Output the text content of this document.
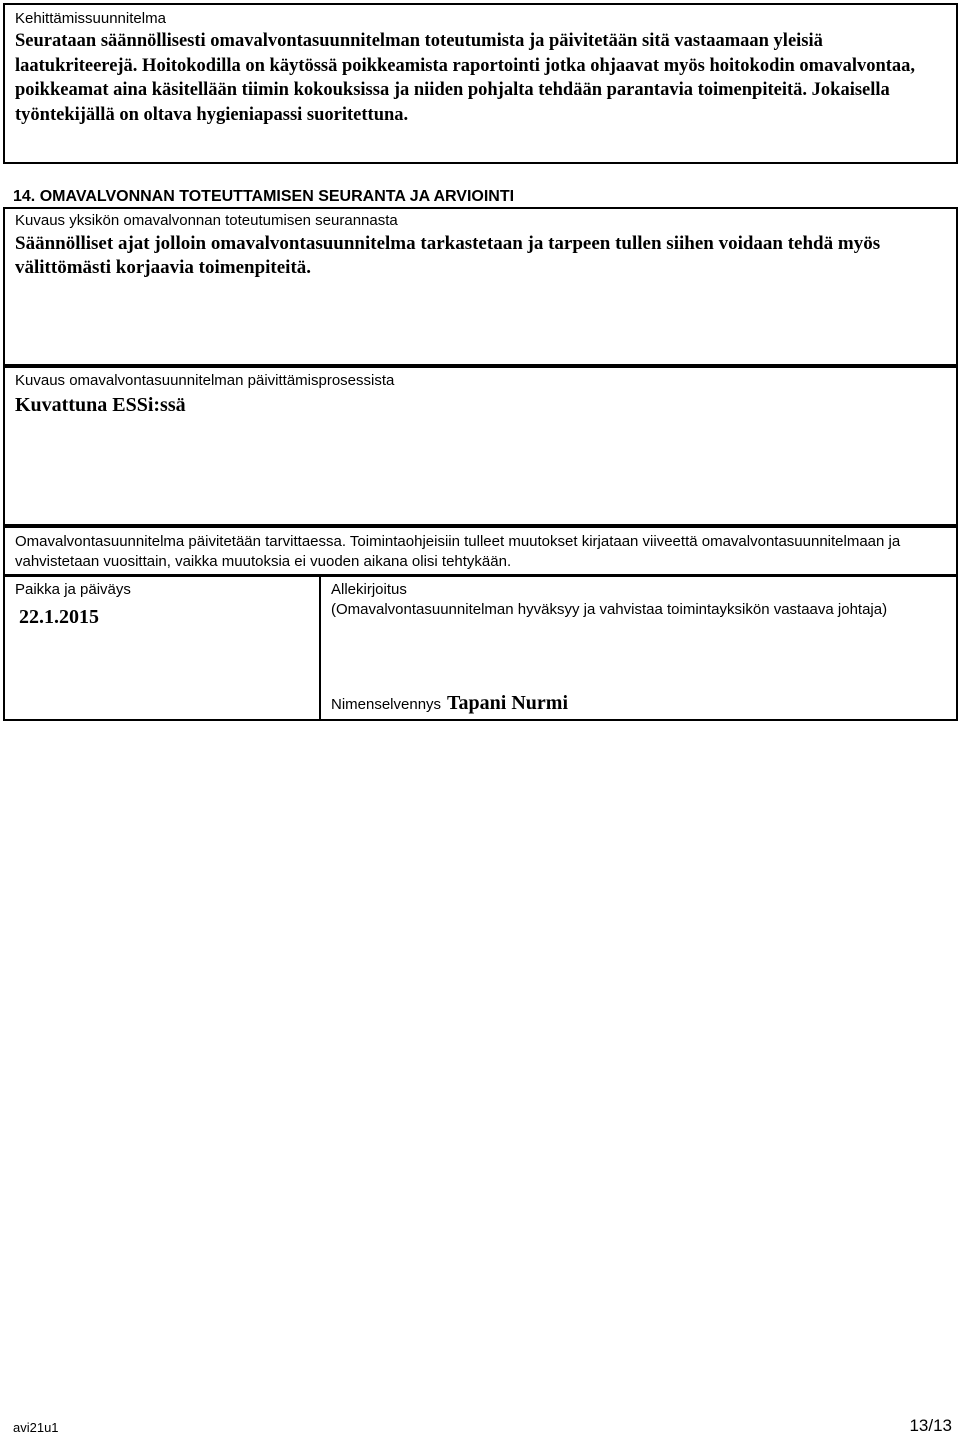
Kehittämissuunnitelma
Seurataan säännöllisesti omavalvontasuunnitelman toteutumista ja päivitetään sitä vastaamaan yleisiä laatukriteerejä. Hoitokodilla on käytössä poikkeamista raportointi jotka ohjaavat myös hoitokodin omavalvontaa, poikkeamat aina käsitellään tiimin kokouksissa ja niiden pohjalta tehdään parantavia toimenpiteitä. Jokaisella työntekijällä on oltava hygieniapassi suoritettuna.
14. OMAVALVONNAN TOTEUTTAMISEN SEURANTA JA ARVIOINTI
Kuvaus yksikön omavalvonnan toteutumisen seurannasta
Säännölliset ajat jolloin omavalvontasuunnitelma tarkastetaan ja tarpeen tullen siihen voidaan tehdä myös välittömästi korjaavia toimenpiteitä.
Kuvaus omavalvontasuunnitelman päivittämisprosessista
Kuvattuna ESSi:ssä
Omavalvontasuunnitelma päivitetään tarvittaessa. Toimintaohjeisiin tulleet muutokset kirjataan viiveettä omavalvontasuunnitelmaan ja vahvistetaan vuosittain, vaikka muutoksia ei vuoden aikana olisi tehtykään.
Paikka ja päiväys
22.1.2015
Allekirjoitus
(Omavalvontasuunnitelman hyväksyy ja vahvistaa toimintayksikön vastaava johtaja)
Nimenselvennys Tapani Nurmi
avi21u1	13/13
